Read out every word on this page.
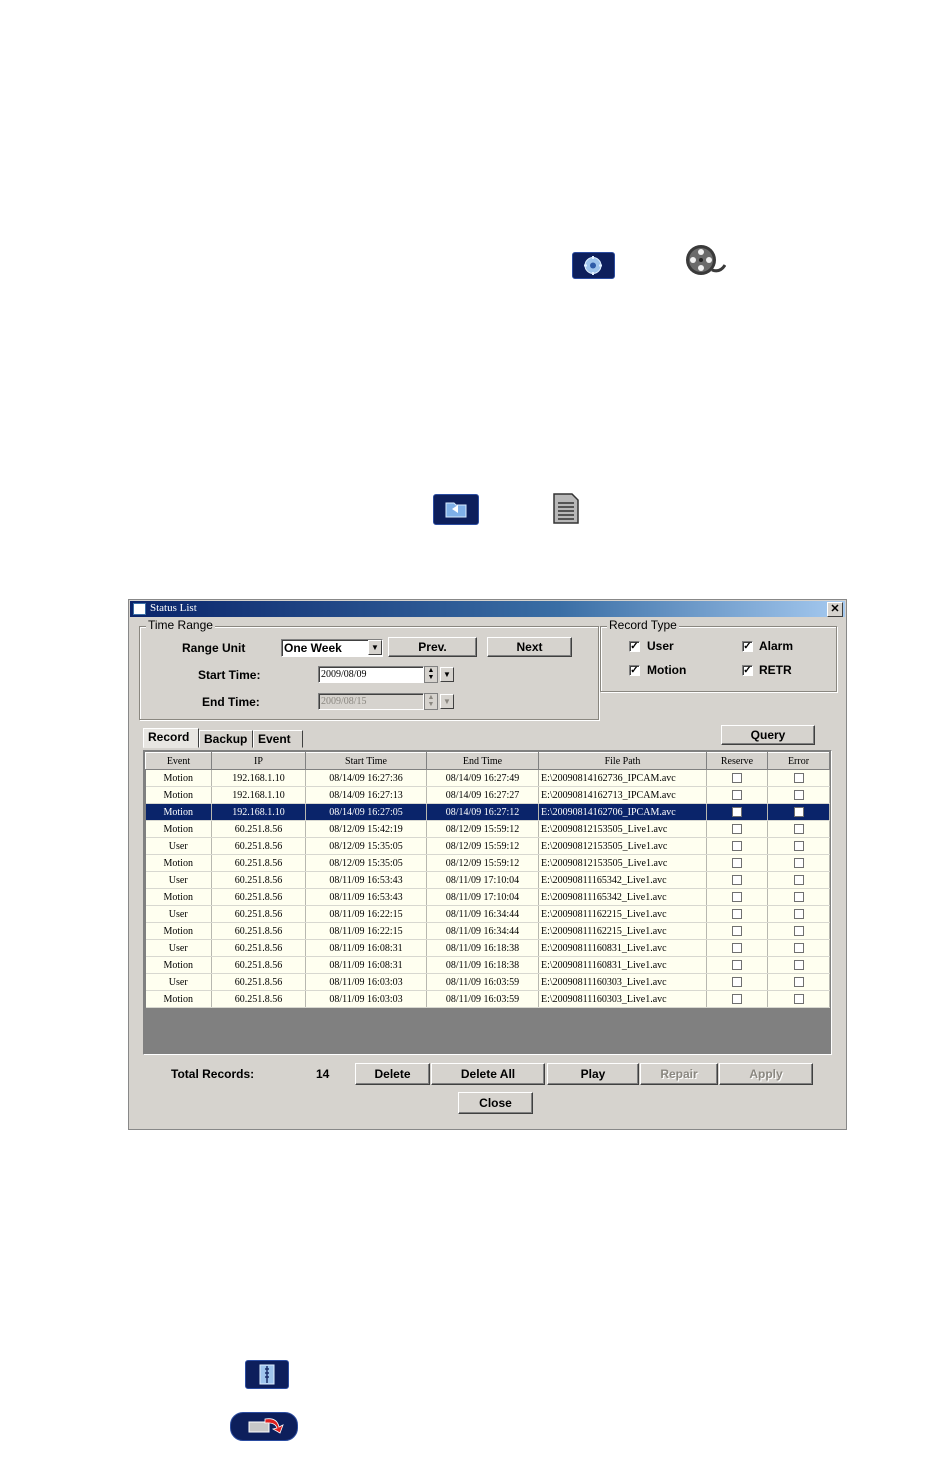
Status List	✕
Time Range
Range Unit	One Week	▼	Prev.	Next
Start Time:	2009/08/09	▲
▼	▼
End Time:	2009/08/15	▲
▼	▼
Record Type
✓ User	✓ Alarm
✓ Motion	✓ RETR
Record	Backup Event	Query
Event	IP	Start Time	End Time	File Path	Reserve	Error
Motion	192.168.1.10	08/14/09 16:27:36	08/14/09 16:27:49	E:\20090814162736_IPCAM.avc		
Motion	192.168.1.10	08/14/09 16:27:13	08/14/09 16:27:27	E:\20090814162713_IPCAM.avc		
Motion	192.168.1.10	08/14/09 16:27:05	08/14/09 16:27:12	E:\20090814162706_IPCAM.avc		
Motion	60.251.8.56	08/12/09 15:42:19	08/12/09 15:59:12	E:\20090812153505_Live1.avc		
User	60.251.8.56	08/12/09 15:35:05	08/12/09 15:59:12	E:\20090812153505_Live1.avc		
Motion	60.251.8.56	08/12/09 15:35:05	08/12/09 15:59:12	E:\20090812153505_Live1.avc		
User	60.251.8.56	08/11/09 16:53:43	08/11/09 17:10:04	E:\20090811165342_Live1.avc		
Motion	60.251.8.56	08/11/09 16:53:43	08/11/09 17:10:04	E:\20090811165342_Live1.avc		
User	60.251.8.56	08/11/09 16:22:15	08/11/09 16:34:44	E:\20090811162215_Live1.avc		
Motion	60.251.8.56	08/11/09 16:22:15	08/11/09 16:34:44	E:\20090811162215_Live1.avc		
User	60.251.8.56	08/11/09 16:08:31	08/11/09 16:18:38	E:\20090811160831_Live1.avc		
Motion	60.251.8.56	08/11/09 16:08:31	08/11/09 16:18:38	E:\20090811160831_Live1.avc		
User	60.251.8.56	08/11/09 16:03:03	08/11/09 16:03:59	E:\20090811160303_Live1.avc		
Motion	60.251.8.56	08/11/09 16:03:03	08/11/09 16:03:59	E:\20090811160303_Live1.avc		
Total Records:	14	Delete	Delete All	Play	Repair	Apply
Close
